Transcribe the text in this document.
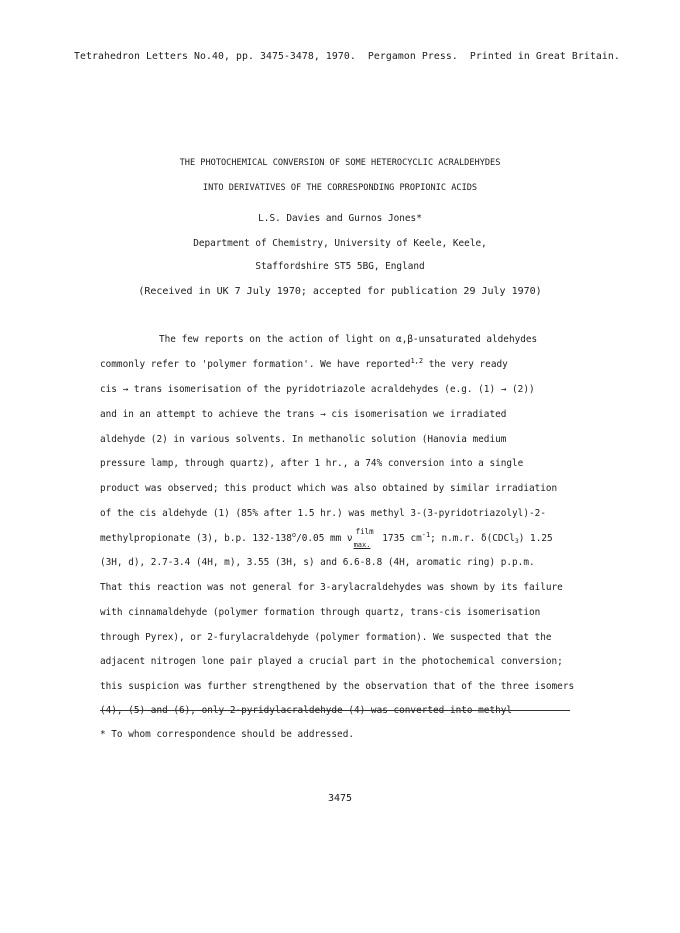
Tetrahedron Letters No.40, pp. 3475-3478, 1970. Pergamon Press. Printed in Great Britain.
THE PHOTOCHEMICAL CONVERSION OF SOME HETEROCYCLIC ACRALDEHYDES
INTO DERIVATIVES OF THE CORRESPONDING PROPIONIC ACIDS
L.S. Davies and Gurnos Jones*
Department of Chemistry, University of Keele, Keele,
Staffordshire ST5 5BG, England
(Received in UK 7 July 1970; accepted for publication 29 July 1970)
The few reports on the action of light on α,β-unsaturated aldehydes
commonly refer to 'polymer formation'. We have reported$^{1,2}$ the very ready
cis → trans isomerisation of the pyridotriazole acraldehydes (e.g. (1) → (2))
and in an attempt to achieve the trans → cis isomerisation we irradiated
aldehyde (2) in various solvents. In methanolic solution (Hanovia medium
pressure lamp, through quartz), after 1 hr., a 74% conversion into a single
product was observed; this product which was also obtained by similar irradiation
of the cis aldehyde (1) (85% after 1.5 hr.) was methyl 3-(3-pyridotriazolyl)-2-
methylpropionate (3), b.p. 132-138$^o$/0.05 mm ν
film
max.
1735 $cm^{-1}$; n.m.r. δ(CDCl$_3$) 1.25
(3H, d), 2.7-3.4 (4H, m), 3.55 (3H, s) and 6.6-8.8 (4H, aromatic ring) p.p.m.
That this reaction was not general for 3-arylacraldehydes was shown by its failure
with cinnamaldehyde (polymer formation through quartz, trans-cis isomerisation
through Pyrex), or 2-furylacraldehyde (polymer formation). We suspected that the
adjacent nitrogen lone pair played a crucial part in the photochemical conversion;
this suspicion was further strengthened by the observation that of the three isomers
(4), (5) and (6), only 2-pyridylacraldehyde (4) was converted into methyl
* To whom correspondence should be addressed.
3475
